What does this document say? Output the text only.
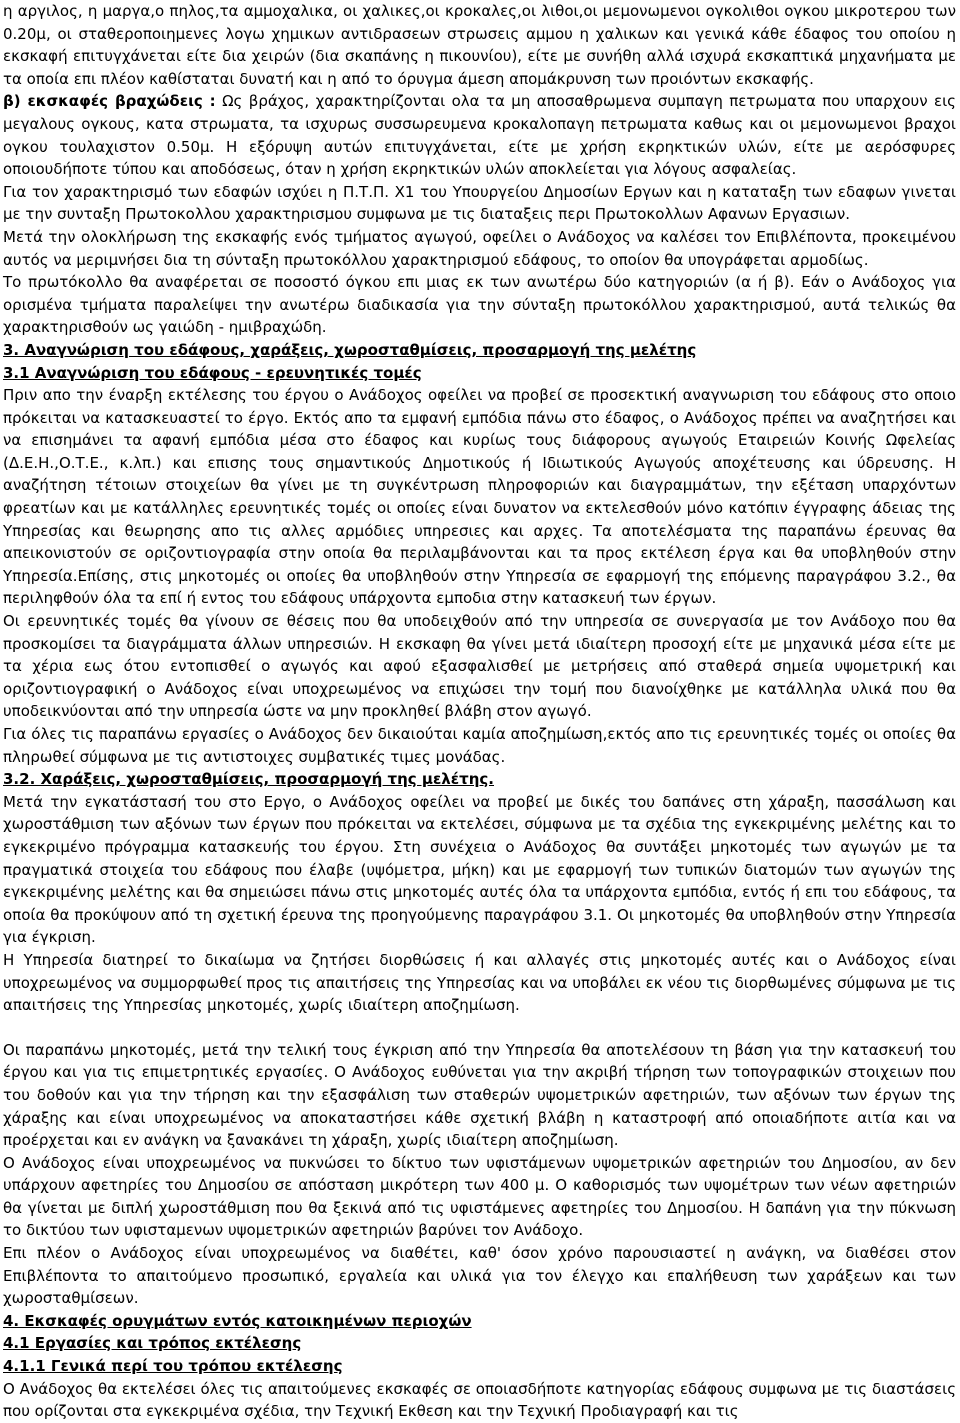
η αργιλος, η μαργα,ο πηλος,τα αμμοχαλικα, οι χαλικες,οι κροκαλες,οι λιθοι,οι μεμονωμενοι ογκολιθοι ογκου μικροτερου των 0.20μ, οι σταθεροποιημενες λογω χημικων αντιδρασεων στρωσεις αμμου η χαλικων και γενικά κάθε έδαφος του οποίου η εκσκαφή επιτυγχάνεται είτε δια χειρών (δια σκαπάνης η πικουνίου), είτε με συνήθη αλλά ισχυρά εκσκαπτικά μηχανήματα με τα οποία επι πλέον καθίσταται δυνατή και η από το όρυγμα άμεση απομάκρυνση των προιόντων εκσκαφής.

β) εκσκαφές βραχώδεις : Ως βράχος, χαρακτηρίζονται ολα τα μη αποσαθρωμενα συμπαγη πετρωματα που υπαρχουν εις μεγαλους ογκους, κατα στρωματα, τα ισχυρως συσσωρευμενα κροκαλοπαγη πετρωματα καθως και οι μεμονωμενοι βραχοι ογκου τουλαχιστον 0.50μ. Η εξόρυψη αυτών επιτυγχάνεται, είτε με χρήση εκρηκτικών υλών, είτε με αερόσφυρες οποιουδήποτε τύπου και αποδόσεως, όταν η χρήση εκρηκτικών υλών αποκλείεται για λόγους ασφαλείας.

Για τον χαρακτηρισμό των εδαφών ισχύει η Π.Τ.Π. Χ1 του Υπουργείου Δημοσίων Εργων και η καταταξη των εδαφων γινεται με την συνταξη Πρωτοκολλου χαρακτηρισμου συμφωνα με τις διαταξεις περι Πρωτοκολλων Αφανων Εργασιων.

Μετά την ολοκλήρωση της εκσκαφής ενός τμήματος αγωγού, οφείλει ο Ανάδοχος να καλέσει τον Επιβλέποντα, προκειμένου αυτός να μεριμνήσει δια τη σύνταξη πρωτοκόλλου χαρακτηρισμού εδάφους, το οποίον θα υπογράφεται αρμοδίως.

Το πρωτόκολλο θα αναφέρεται σε ποσοστό όγκου επι μιας εκ των ανωτέρω δύο κατηγοριών (α ή β). Εάν ο Ανάδοχος για ορισμένα τμήματα παραλείψει την ανωτέρω διαδικασία για την σύνταξη πρωτοκόλλου χαρακτηρισμού, αυτά τελικώς θα χαρακτηρισθούν ως γαιώδη - ημιβραχώδη.

3. Αναγνώριση του εδάφους, χαράξεις, χωροσταθμίσεις, προσαρμογή της μελέτης

3.1 Αναγνώριση του εδάφους - ερευνητικές τομές

Πριν απο την έναρξη εκτέλεσης του έργου ο Ανάδοχος οφείλει να προβεί σε προσεκτική αναγνωριση του εδάφους στο οποιο πρόκειται να κατασκευαστεί το έργο. Εκτός απο τα εμφανή εμπόδια πάνω στο έδαφος, ο Ανάδοχος πρέπει να αναζητήσει και να επισημάνει τα αφανή εμπόδια μέσα στο έδαφος και κυρίως τους διάφορους αγωγούς Εταιρειών Κοινής Ωφελείας (Δ.Ε.Η.,Ο.Τ.Ε., κ.λπ.) και επισης τους σημαντικούς Δημοτικούς ή Ιδιωτικούς Αγωγούς αποχέτευσης και ύδρευσης. Η αναζήτηση τέτοιων στοιχείων θα γίνει με τη συγκέντρωση πληροφοριών και διαγραμμάτων, την εξέταση υπαρχόντων φρεατίων και με κατάλληλες ερευνητικές τομές οι οποίες είναι δυνατον να εκτελεσθούν μόνο κατόπιν έγγραφης άδειας της Υπηρεσίας και θεωρησης απο τις αλλες αρμόδιες υπηρεσιες και αρχες. Τα αποτελέσματα της παραπάνω έρευνας θα απεικονιστούν σε οριζοντιογραφία στην οποία θα περιλαμβάνονται και τα προς εκτέλεση έργα και θα υποβληθούν στην Υπηρεσία.Επίσης, στις μηκοτομές οι οποίες θα υποβληθούν στην Υπηρεσία σε εφαρμογή της επόμενης παραγράφου 3.2., θα περιληφθούν όλα τα επί ή εντος του εδάφους υπάρχοντα εμποδια στην κατασκευή των έργων.

Οι ερευνητικές τομές θα γίνουν σε θέσεις που θα υποδειχθούν από την υπηρεσία σε συνεργασία με τον Ανάδοχο που θα προσκομίσει τα διαγράμματα άλλων υπηρεσιών. Η εκσκαφη θα γίνει μετά ιδιαίτερη προσοχή είτε με μηχανικά μέσα είτε με τα χέρια εως ότου εντοπισθεί ο αγωγός και αφού εξασφαλισθεί με μετρήσεις από σταθερά σημεία υψομετρική και οριζοντιογραφική ο Ανάδοχος είναι υποχρεωμένος να επιχώσει την τομή που διανοίχθηκε με κατάλληλα υλικά που θα υποδεικνύονται από την υπηρεσία ώστε να μην προκληθεί βλάβη στον αγωγό.

Για όλες τις παραπάνω εργασίες ο Ανάδοχος δεν δικαιούται καμία αποζημίωση,εκτός απο τις ερευνητικές τομές οι οποίες θα πληρωθεί σύμφωνα με τις αντιστοιχες συμβατικές τιμες μονάδας.

3.2. Χαράξεις, χωροσταθμίσεις, προσαρμογή της μελέτης.

Μετά την εγκατάστασή του στο Εργο, ο Ανάδοχος οφείλει να προβεί με δικές του δαπάνες στη χάραξη, πασσάλωση και χωροστάθμιση των αξόνων των έργων που πρόκειται να εκτελέσει, σύμφωνα με τα σχέδια της εγκεκριμένης μελέτης και το εγκεκριμένο πρόγραμμα κατασκευής του έργου. Στη συνέχεια ο Ανάδοχος θα συντάξει μηκοτομές των αγωγών με τα πραγματικά στοιχεία του εδάφους που έλαβε (υψόμετρα, μήκη) και με εφαρμογή των τυπικών διατομών των αγωγών της εγκεκριμένης μελέτης και θα σημειώσει πάνω στις μηκοτομές αυτές όλα τα υπάρχοντα εμπόδια, εντός ή επι του εδάφους, τα οποία θα προκύψουν από τη σχετική έρευνα της προηγούμενης παραγράφου 3.1. Οι μηκοτομές θα υποβληθούν στην Υπηρεσία για έγκριση.

Η Υπηρεσία διατηρεί το δικαίωμα να ζητήσει διορθώσεις ή και αλλαγές στις μηκοτομές αυτές και ο Ανάδοχος είναι υποχρεωμένος να συμμορφωθεί προς τις απαιτήσεις της Υπηρεσίας και να υποβάλει εκ νέου τις διορθωμένες σύμφωνα με τις απαιτήσεις της Υπηρεσίας μηκοτομές, χωρίς ιδιαίτερη αποζημίωση.

Οι παραπάνω μηκοτομές, μετά την τελική τους έγκριση από την Υπηρεσία θα αποτελέσουν τη βάση για την κατασκευή του έργου και για τις επιμετρητικές εργασίες. Ο Ανάδοχος ευθύνεται για την ακριβή τήρηση των τοπογραφικών στοιχειων που του δοθούν και για την τήρηση και την εξασφάλιση των σταθερών υψομετρικών αφετηριών, των αξόνων των έργων της χάραξης και είναι υποχρεωμένος να αποκαταστήσει κάθε σχετική βλάβη η καταστροφή από οποιαδήποτε αιτία και να προέρχεται και εν ανάγκη να ξανακάνει τη χάραξη, χωρίς ιδιαίτερη αποζημίωση.

Ο Ανάδοχος είναι υποχρεωμένος να πυκνώσει το δίκτυο των υφιστάμενων υψομετρικών αφετηριών του Δημοσίου, αν δεν υπάρχουν αφετηρίες του Δημοσίου σε απόσταση μικρότερη των 400 μ. Ο καθορισμός των υψομέτρων των νέων αφετηριών θα γίνεται με διπλή χωροστάθμιση που θα ξεκινά από τις υφιστάμενες αφετηρίες του Δημοσίου. Η δαπάνη για την πύκνωση το δικτύου των υφισταμενων υψομετρικών αφετηριών βαρύνει τον Ανάδοχο.

Επι πλέον ο Ανάδοχος είναι υποχρεωμένος να διαθέτει, καθ' όσον χρόνο παρουσιαστεί η ανάγκη, να διαθέσει στον Επιβλέποντα το απαιτούμενο προσωπικό, εργαλεία και υλικά για τον έλεγχο και επαλήθευση των χαράξεων και των χωροσταθμίσεων.

4. Εκσκαφές ορυγμάτων εντός κατοικημένων περιοχών

4.1 Εργασίες και τρόπος εκτέλεσης

4.1.1 Γενικά περί του τρόπου εκτέλεσης

Ο Ανάδοχος θα εκτελέσει όλες τις απαιτούμενες εκσκαφές σε οποιασδήποτε κατηγορίας εδάφους συμφωνα με τις διαστάσεις που ορίζονται στα εγκεκριμένα σχέδια, την Τεχνική Εκθεση και την Τεχνική Προδιαγραφή και τις
